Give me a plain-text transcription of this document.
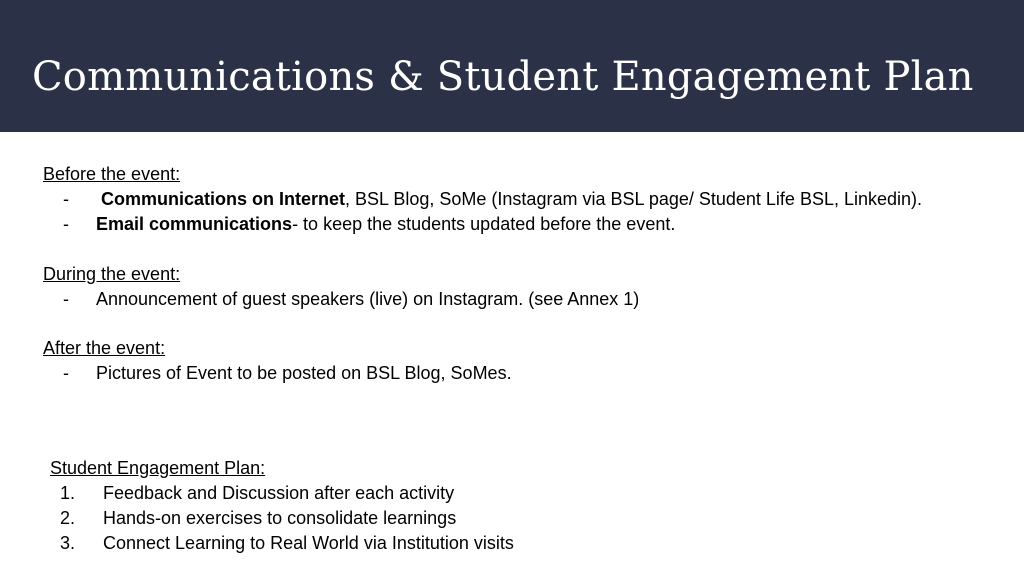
Communications & Student Engagement Plan
Before the event:
- Communications on Internet, BSL Blog, SoMe (Instagram via BSL page/ Student Life BSL, Linkedin).
- Email communications- to keep the students updated before the event.
During the event:
- Announcement of guest speakers (live) on Instagram. (see Annex 1)
After the event:
- Pictures of Event to be posted on BSL Blog, SoMes.
Student Engagement Plan:
1. Feedback and Discussion after each activity
2. Hands-on exercises to consolidate learnings
3. Connect Learning to Real World via Institution visits
